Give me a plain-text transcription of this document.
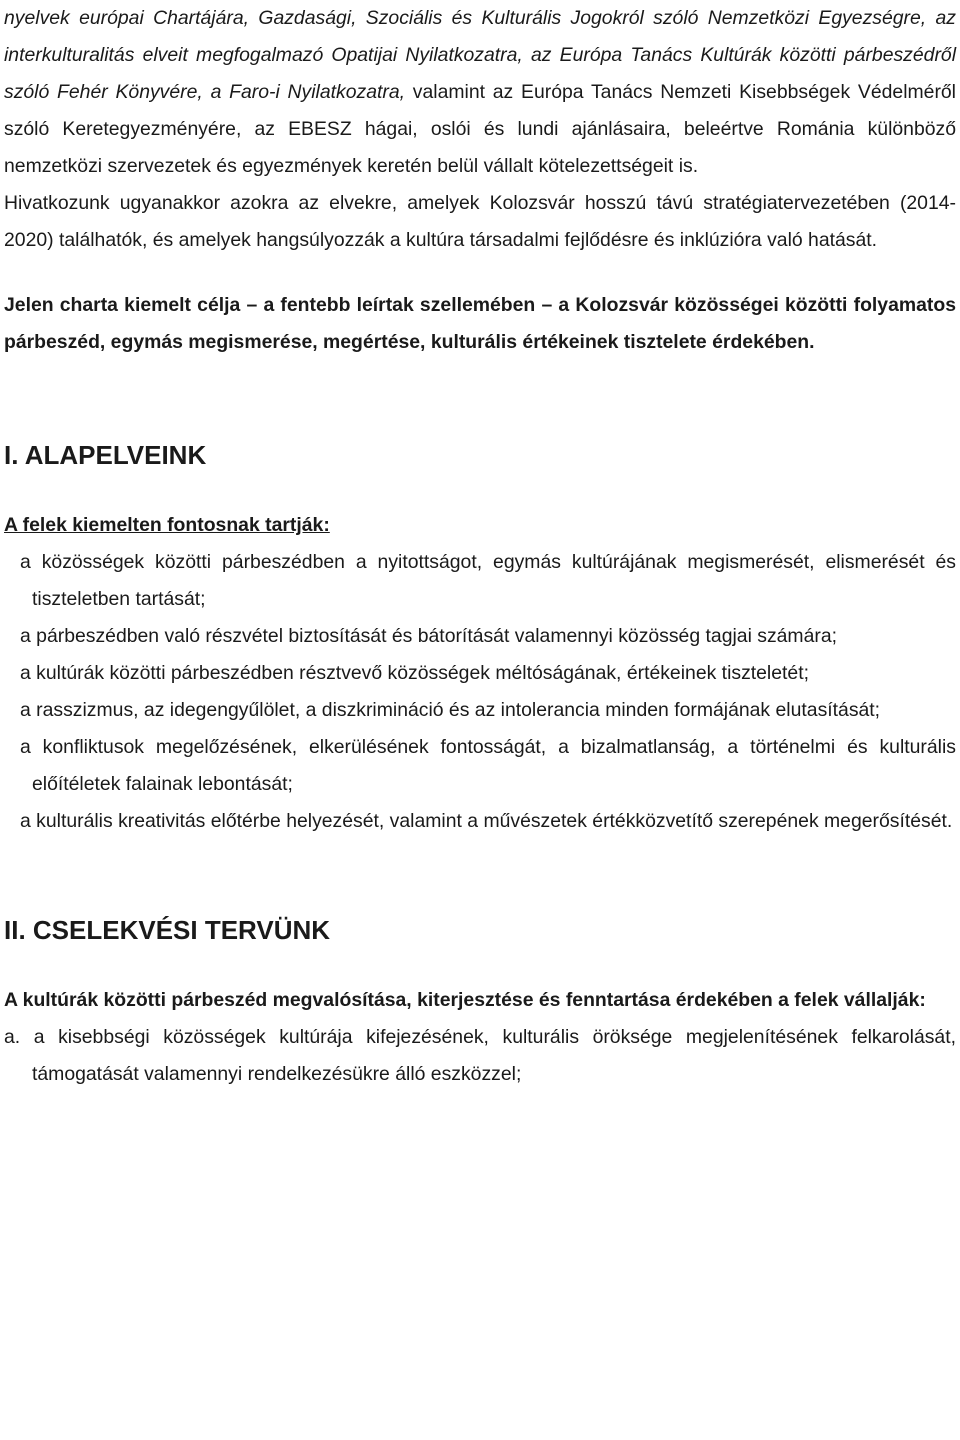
nyelvek európai Chartájára, Gazdasági, Szociális és Kulturális Jogokról szóló Nemzetközi Egyezségre, az interkulturalitás elveit megfogalmazó Opatijai Nyilatkozatra, az Európa Tanács Kultúrák közötti párbeszédről szóló Fehér Könyvére, a Faro-i Nyilatkozatra, valamint az Európa Tanács Nemzeti Kisebbségek Védelméről szóló Keretegyezményére, az EBESZ hágai, oslói és lundi ajánlásaira, beleértve Románia különböző nemzetközi szervezetek és egyezmények keretén belül vállalt kötelezettségeit is.

Hivatkozunk ugyanakkor azokra az elvekre, amelyek Kolozsvár hosszú távú stratégiatervezetében (2014-2020) találhatók, és amelyek hangsúlyozzák a kultúra társadalmi fejlődésre és inklúzióra való hatását.

Jelen charta kiemelt célja – a fentebb leírtak szellemében – a Kolozsvár közösségei közötti folyamatos párbeszéd, egymás megismerése, megértése, kulturális értékeinek tisztelete érdekében.

I. ALAPELVEINK

A felek kiemelten fontosnak tartják:

a közösségek közötti párbeszédben a nyitottságot, egymás kultúrájának megismerését, elismerését és tiszteletben tartását;
a párbeszédben való részvétel biztosítását és bátorítását valamennyi közösség tagjai számára;
a kultúrák közötti párbeszédben résztvevő közösségek méltóságának, értékeinek tiszteletét;
a rasszizmus, az idegengyűlölet, a diszkrimináció és az intolerancia minden formájának elutasítását;
a konfliktusok megelőzésének, elkerülésének fontosságát, a bizalmatlanság, a történelmi és kulturális előítéletek falainak lebontását;
a kulturális kreativitás előtérbe helyezését, valamint a művészetek értékközvetítő szerepének megerősítését.
II. CSELEKVÉSI TERVÜNK

A kultúrák közötti párbeszéd megvalósítása, kiterjesztése és fenntartása érdekében a felek vállalják:

a. a kisebbségi közösségek kultúrája kifejezésének, kulturális öröksége megjelenítésének felkarolását, támogatását valamennyi rendelkezésükre álló eszközzel;
